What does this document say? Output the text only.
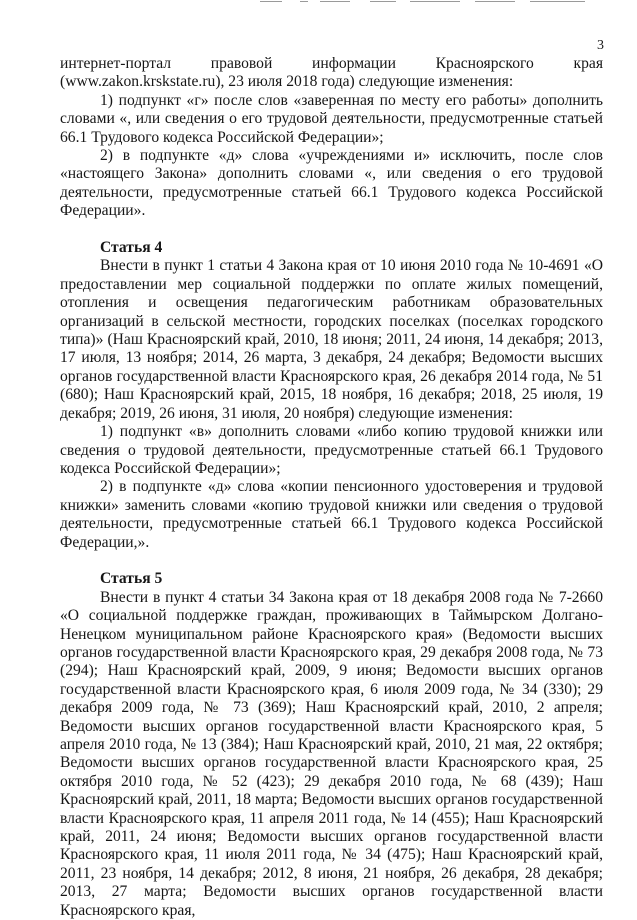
3

интернет-портал правовой информации Красноярского края (www.zakon.krskstate.ru), 23 июля 2018 года) следующие изменения:

1) подпункт «г» после слов «заверенная по месту его работы» дополнить словами «, или сведения о его трудовой деятельности, предусмотренные статьей 66.1 Трудового кодекса Российской Федерации»;

2) в подпункте «д» слова «учреждениями и» исключить, после слов «настоящего Закона» дополнить словами «, или сведения о его трудовой деятельности, предусмотренные статьей 66.1 Трудового кодекса Российской Федерации».

Статья 4

Внести в пункт 1 статьи 4 Закона края от 10 июня 2010 года № 10-4691 «О предоставлении мер социальной поддержки по оплате жилых помещений, отопления и освещения педагогическим работникам образовательных организаций в сельской местности, городских поселках (поселках городского типа)» (Наш Красноярский край, 2010, 18 июня; 2011, 24 июня, 14 декабря; 2013, 17 июля, 13 ноября; 2014, 26 марта, 3 декабря, 24 декабря; Ведомости высших органов государственной власти Красноярского края, 26 декабря 2014 года, № 51 (680); Наш Красноярский край, 2015, 18 ноября, 16 декабря; 2018, 25 июля, 19 декабря; 2019, 26 июня, 31 июля, 20 ноября) следующие изменения:

1) подпункт «в» дополнить словами «либо копию трудовой книжки или сведения о трудовой деятельности, предусмотренные статьей 66.1 Трудового кодекса Российской Федерации»;

2) в подпункте «д» слова «копии пенсионного удостоверения и трудовой книжки» заменить словами «копию трудовой книжки или сведения о трудовой деятельности, предусмотренные статьей 66.1 Трудового кодекса Российской Федерации,».

Статья 5

Внести в пункт 4 статьи 34 Закона края от 18 декабря 2008 года № 7-2660 «О социальной поддержке граждан, проживающих в Таймырском Долгано-Ненецком муниципальном районе Красноярского края» (Ведомости высших органов государственной власти Красноярского края, 29 декабря 2008 года, № 73 (294); Наш Красноярский край, 2009, 9 июня; Ведомости высших органов государственной власти Красноярского края, 6 июля 2009 года, № 34 (330); 29 декабря 2009 года, № 73 (369); Наш Красноярский край, 2010, 2 апреля; Ведомости высших органов государственной власти Красноярского края, 5 апреля 2010 года, № 13 (384); Наш Красноярский край, 2010, 21 мая, 22 октября; Ведомости высших органов государственной власти Красноярского края, 25 октября 2010 года, № 52 (423); 29 декабря 2010 года, № 68 (439); Наш Красноярский край, 2011, 18 марта; Ведомости высших органов государственной власти Красноярского края, 11 апреля 2011 года, № 14 (455); Наш Красноярский край, 2011, 24 июня; Ведомости высших органов государственной власти Красноярского края, 11 июля 2011 года, № 34 (475); Наш Красноярский край, 2011, 23 ноября, 14 декабря; 2012, 8 июня, 21 ноября, 26 декабря, 28 декабря; 2013, 27 марта; Ведомости высших органов государственной власти Красноярского края,
